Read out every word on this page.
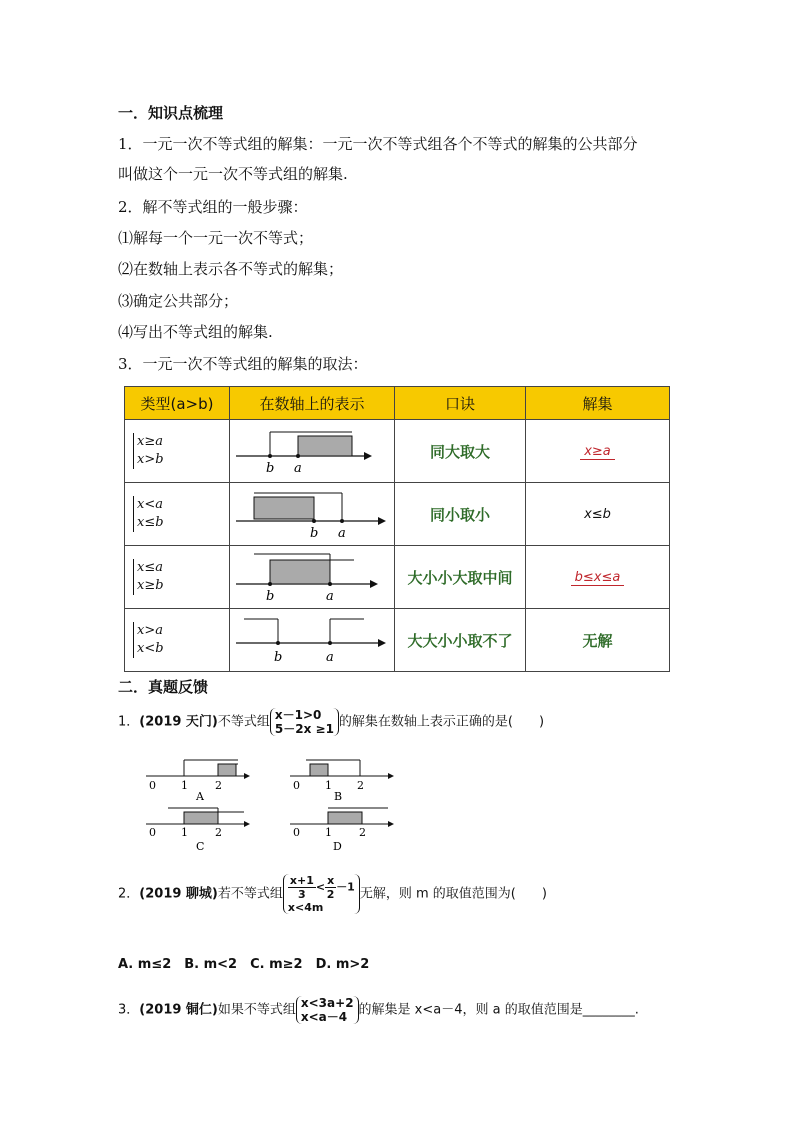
一．知识点梳理
1．一元一次不等式组的解集：一元一次不等式组各个不等式的解集的公共部分
叫做这个一元一次不等式组的解集.
2．解不等式组的一般步骤：
⑴解每一个一元一次不等式；
⑵在数轴上表示各不等式的解集；
⑶确定公共部分；
⑷写出不等式组的解集.
3．一元一次不等式组的解集的取法：
类型(a>b)	在数轴上的表示	口诀	解集
x≥a
x>b	b a	同大取大	x≥a
x<a
x≤b	b a	同小取小	x≤b
x≤a
x≥b	b a	大小小大取中间	b≤x≤a
x>a
x<b	b a	大大小小取不了	无解
二．真题反馈
1．(2019 天门)不等式组 x－1>0
5－2x ≥1 的解集在数轴上表示正确的是(　　)
0 1 2
A
0 1 2
B
0 1 2
C
0 1 2
D
2．(2019 聊城)若不等式组 $\frac{x+1}{3}< \frac{x}{2}-1$
x<4m无解，则 m 的取值范围为(　　)
A. m≤2　B. m<2　C. m≥2　D. m>2
3．(2019 铜仁)如果不等式组 x<3a+2
x<a－4 的解集是 x<a－4，则 a 的取值范围是________.
